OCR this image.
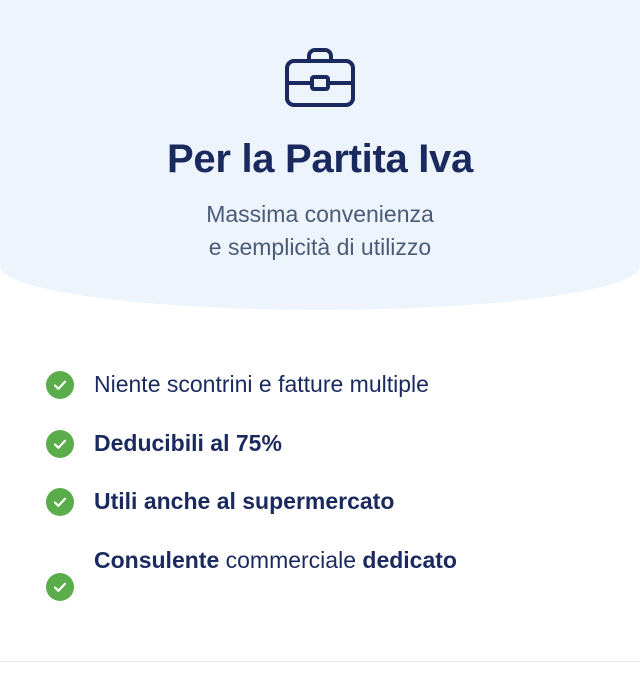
Per la Partita Iva

Massima convenienza
e semplicità di utilizzo

Niente scontrini e fatture multiple
Deducibili al 75%
Utili anche al supermercato
Consulente commerciale dedicato
